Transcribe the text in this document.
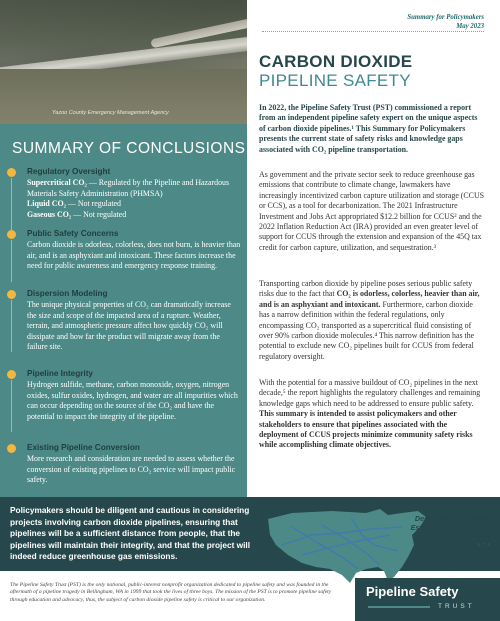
Yazoo County Emergency Management Agency
SUMMARY OF CONCLUSIONS
Regulatory Oversight
Supercritical CO₂ — Regulated by the Pipeline and Hazardous Materials Safety Administration (PHMSA)
Liquid CO₂ — Not regulated
Gaseous CO₂ — Not regulated
Public Safety Concerns
Carbon dioxide is odorless, colorless, does not burn, is heavier than air, and is an asphyxiant and intoxicant. These factors increase the need for public awareness and emergency response training.
Dispersion Modeling
The unique physical properties of CO₂ can dramatically increase the size and scope of the impacted area of a rupture. Weather, terrain, and atmospheric pressure affect how quickly CO₂ will dissipate and how far the product will migrate away from the failure site.
Pipeline Integrity
Hydrogen sulfide, methane, carbon monoxide, oxygen, nitrogen oxides, sulfur oxides, hydrogen, and water are all impurities which can occur depending on the source of the CO₂ and have the potential to impact the integrity of the pipeline.
Existing Pipeline Conversion
More research and consideration are needed to assess whether the conversion of existing pipelines to CO₂ service will impact public safety.
Policymakers should be diligent and cautious in considering projects involving carbon dioxide pipelines, ensuring that pipelines will be a sufficient distance from people, that the pipelines will maintain their integrity, and that the project will indeed reduce greenhouse gas emissions.
Summary for Policymakers
May 2023
CARBON DIOXIDE
PIPELINE SAFETY
In 2022, the Pipeline Safety Trust (PST) commissioned a report from an independent pipeline safety expert on the unique aspects of carbon dioxide pipelines.¹ This Summary for Policymakers presents the current state of safety risks and knowledge gaps associated with CO₂ pipeline transportation.
As government and the private sector seek to reduce greenhouse gas emissions that contribute to climate change, lawmakers have increasingly incentivized carbon capture utilization and storage (CCUS or CCS), as a tool for decarbonization. The 2021 Infrastructure Investment and Jobs Act appropriated $12.2 billion for CCUS² and the 2022 Inflation Reduction Act (IRA) provided an even greater level of support for CCUS through the extension and expansion of the 45Q tax credit for carbon capture, utilization, and sequestration.³
Transporting carbon dioxide by pipeline poses serious public safety risks due to the fact that CO₂ is odorless, colorless, heavier than air, and is an asphyxiant and intoxicant. Furthermore, carbon dioxide has a narrow definition within the federal regulations, only encompassing CO₂ transported as a supercritical fluid consisting of over 90% carbon dioxide molecules.⁴ This narrow definition has the potential to exclude new CO₂ pipelines built for CCUS from federal regulatory oversight.
With the potential for a massive buildout of CO₂ pipelines in the next decade,⁵ the report highlights the regulatory challenges and remaining knowledge gaps which need to be addressed to ensure public safety. This summary is intended to assist policymakers and other stakeholders to ensure that pipelines associated with the deployment of CCUS projects minimize community safety risks while accomplishing climate objectives.
Department of Energy Estimated CO₂ Pipeline Buildout by 2050
6, 7, 8
The Pipeline Safety Trust (PST) is the only national, public-interest nonprofit organization dedicated to pipeline safety and was founded in the aftermath of a pipeline tragedy in Bellingham, WA in 1999 that took the lives of three boys. The mission of the PST is to promote pipeline safety through education and advocacy, thus, the subject of carbon dioxide pipeline safety is critical to our organization.
Pipeline Safety
TRUST
